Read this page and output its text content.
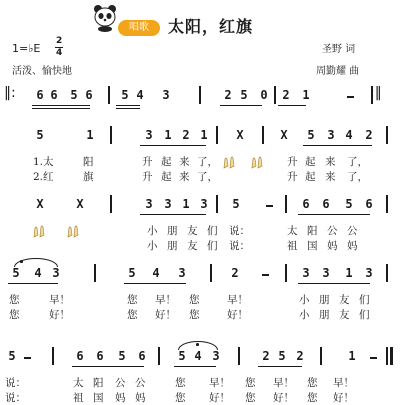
唱歌	太阳，红旗
1=♭E
2
4
活泼、愉快地
圣野 词
周勤耀 曲
6 6 5 6 5 4 3	2 5 0 2 1
‖:	:‖
5	1	3 1 2 1 X	X 5 3 4 2
1.太	阳	升 起 来 了，	升 起 来 了，
2.红	旗	升 起 来 了，	升 起 来 了，
X	X	3 3 1 3 5	6 6 5 6
小 朋 友 们 说：	太 阳 公 公
小 朋 友 们 说：	祖 国 妈 妈
5 4 3	5 4 3	2	3 3 1 3
您	早！	您 早！ 您	早！	小 朋 友 们
您	好！	您 好！ 您	好！	小 朋 友 们
5	6 6 5 6	5 4 3	2 5 2	1
说：	太 阳 公 公	您 早！ 您 早！ 您 早！
说：	祖 国 妈 妈	您 好！ 您 好！ 您 好！
